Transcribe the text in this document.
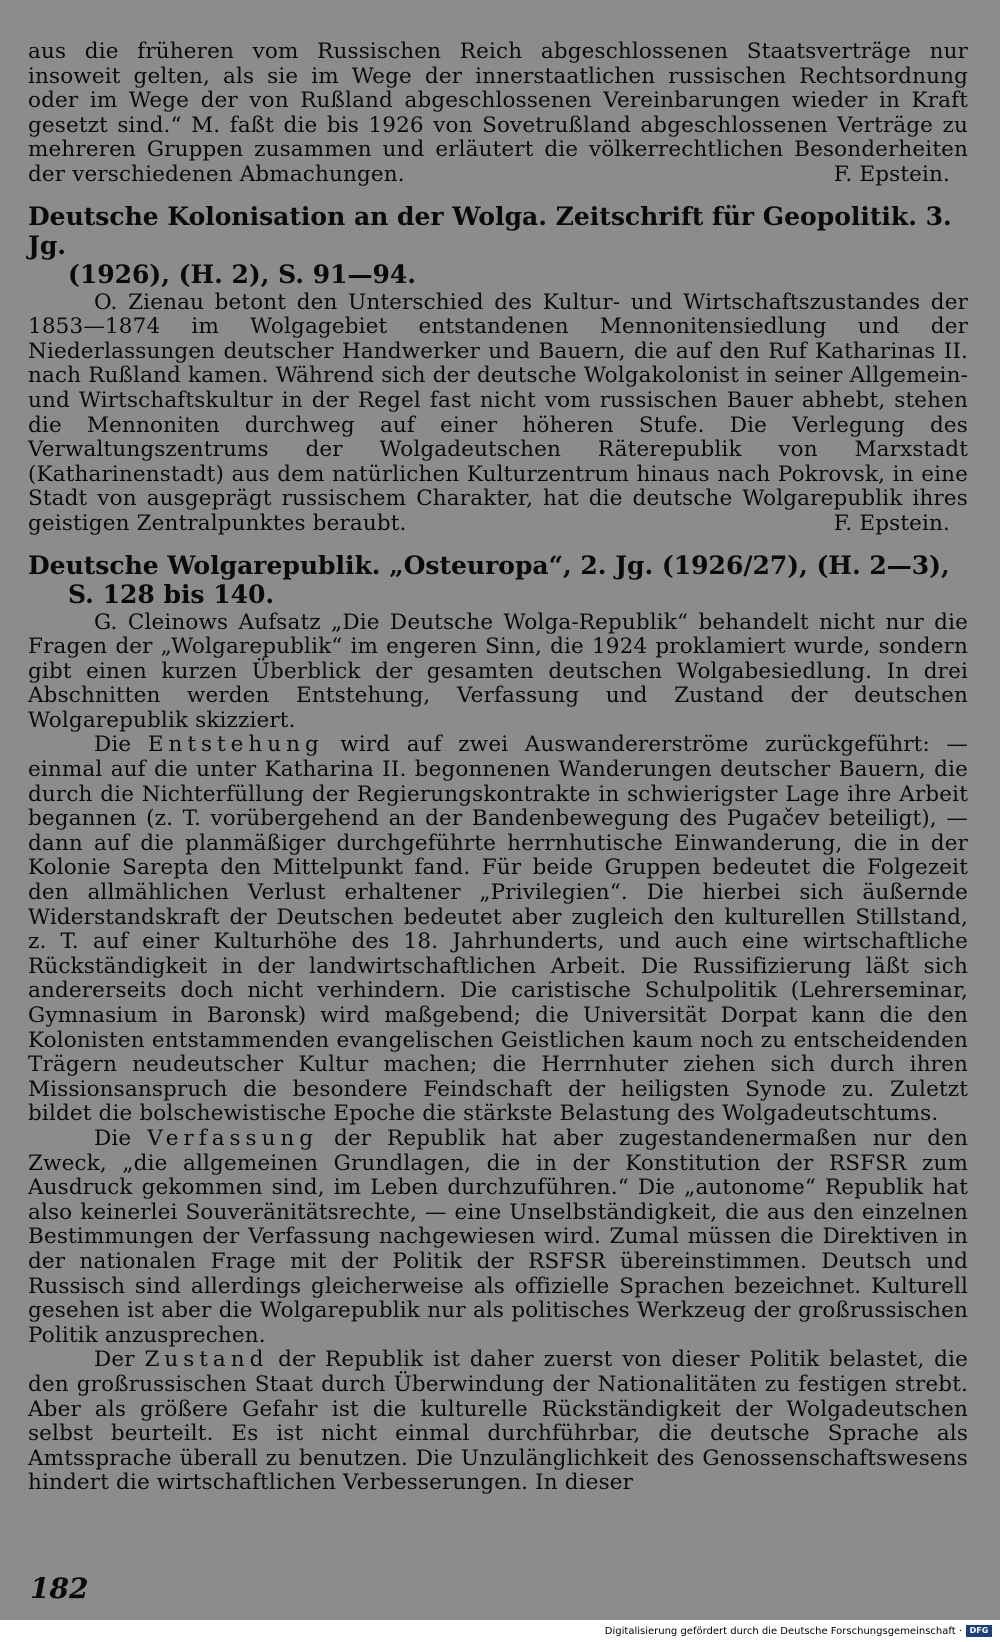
aus die früheren vom Russischen Reich abgeschlossenen Staatsverträge nur insoweit gelten, als sie im Wege der innerstaatlichen russischen Rechtsordnung oder im Wege der von Rußland abgeschlossenen Vereinbarungen wieder in Kraft gesetzt sind.“ M. faßt die bis 1926 von Sovetrußland abgeschlossenen Verträge zu mehreren Gruppen zusammen und erläutert die völkerrechtlichen Besonderheiten der verschiedenen Abmachungen.	F. Epstein.

Deutsche Kolonisation an der Wolga. Zeitschrift für Geopolitik. 3. Jg.
(1926), (H. 2), S. 91—94.

O. Zienau betont den Unterschied des Kultur- und Wirtschaftszustandes der 1853—1874 im Wolgagebiet entstandenen Mennonitensiedlung und der Niederlassungen deutscher Handwerker und Bauern, die auf den Ruf Katharinas II. nach Rußland kamen. Während sich der deutsche Wolgakolonist in seiner Allgemein- und Wirtschaftskultur in der Regel fast nicht vom russischen Bauer abhebt, stehen die Mennoniten durchweg auf einer höheren Stufe. Die Verlegung des Verwaltungszentrums der Wolgadeutschen Räterepublik von Marxstadt (Katharinenstadt) aus dem natürlichen Kulturzentrum hinaus nach Pokrovsk, in eine Stadt von ausgeprägt russischem Charakter, hat die deutsche Wolgarepublik ihres geistigen Zentralpunktes beraubt.	F. Epstein.

Deutsche Wolgarepublik. „Osteuropa“, 2. Jg. (1926/27), (H. 2—3),
S. 128 bis 140.

G. Cleinows Aufsatz „Die Deutsche Wolga-Republik“ behandelt nicht nur die Fragen der „Wolgarepublik“ im engeren Sinn, die 1924 proklamiert wurde, sondern gibt einen kurzen Überblick der gesamten deutschen Wolgabesiedlung. In drei Abschnitten werden Entstehung, Verfassung und Zustand der deutschen Wolgarepublik skizziert.

Die Entstehung wird auf zwei Auswandererströme zurückgeführt: — einmal auf die unter Katharina II. begonnenen Wanderungen deutscher Bauern, die durch die Nichterfüllung der Regierungskontrakte in schwierigster Lage ihre Arbeit begannen (z. T. vorübergehend an der Bandenbewegung des Pugačev beteiligt), — dann auf die planmäßiger durchgeführte herrnhutische Einwanderung, die in der Kolonie Sarepta den Mittelpunkt fand. Für beide Gruppen bedeutet die Folgezeit den allmählichen Verlust erhaltener „Privilegien“. Die hierbei sich äußernde Widerstandskraft der Deutschen bedeutet aber zugleich den kulturellen Stillstand, z. T. auf einer Kulturhöhe des 18. Jahrhunderts, und auch eine wirtschaftliche Rückständigkeit in der landwirtschaftlichen Arbeit. Die Russifizierung läßt sich andererseits doch nicht verhindern. Die caristische Schulpolitik (Lehrerseminar, Gymnasium in Baronsk) wird maßgebend; die Universität Dorpat kann die den Kolonisten entstammenden evangelischen Geistlichen kaum noch zu entscheidenden Trägern neudeutscher Kultur machen; die Herrnhuter ziehen sich durch ihren Missionsanspruch die besondere Feindschaft der heiligsten Synode zu. Zuletzt bildet die bolschewistische Epoche die stärkste Belastung des Wolgadeutschtums.

Die Verfassung der Republik hat aber zugestandenermaßen nur den Zweck, „die allgemeinen Grundlagen, die in der Konstitution der RSFSR zum Ausdruck gekommen sind, im Leben durchzuführen.“ Die „autonome“ Republik hat also keinerlei Souveränitätsrechte, — eine Unselbständigkeit, die aus den einzelnen Bestimmungen der Verfassung nachgewiesen wird. Zumal müssen die Direktiven in der nationalen Frage mit der Politik der RSFSR übereinstimmen. Deutsch und Russisch sind allerdings gleicherweise als offizielle Sprachen bezeichnet. Kulturell gesehen ist aber die Wolgarepublik nur als politisches Werkzeug der großrussischen Politik anzusprechen.

Der Zustand der Republik ist daher zuerst von dieser Politik belastet, die den großrussischen Staat durch Überwindung der Nationalitäten zu festigen strebt. Aber als größere Gefahr ist die kulturelle Rückständigkeit der Wolgadeutschen selbst beurteilt. Es ist nicht einmal durchführbar, die deutsche Sprache als Amtssprache überall zu benutzen. Die Unzulänglichkeit des Genossenschaftswesens hindert die wirtschaftlichen Verbesserungen. In dieser

182
Digitalisierung gefördert durch die Deutsche Forschungsgemeinschaft · DFG
